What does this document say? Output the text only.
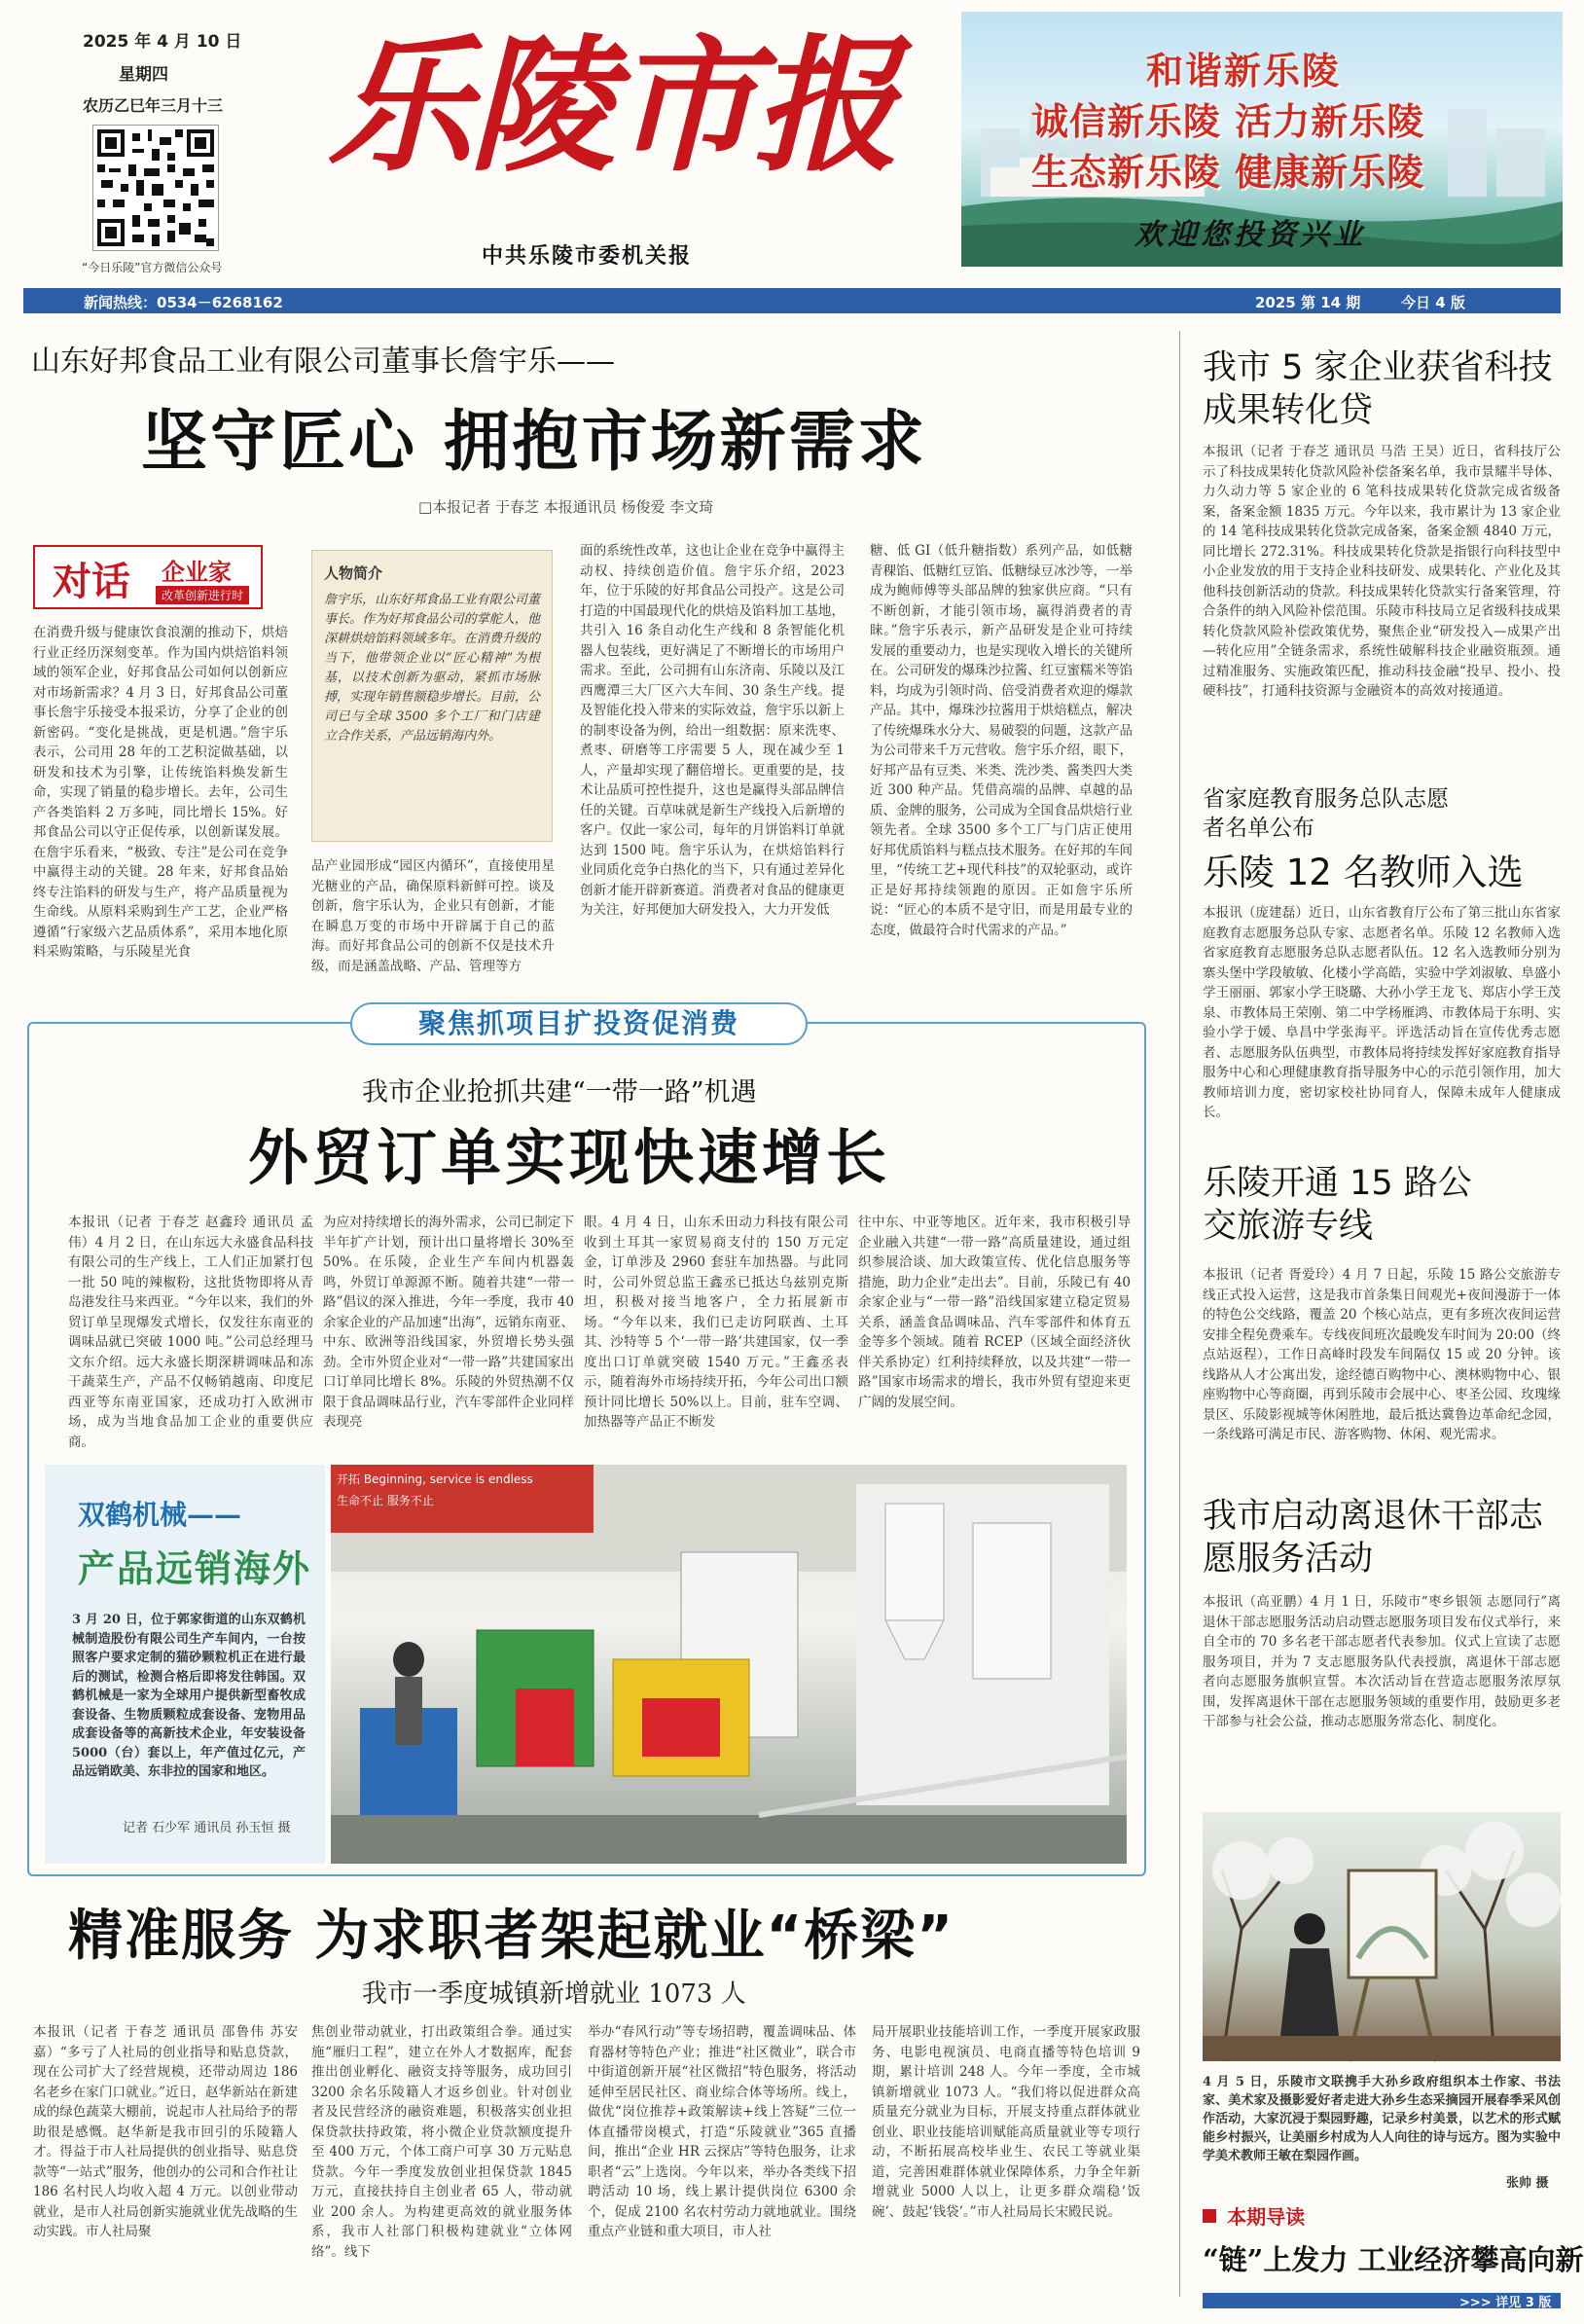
2025 年 4 月 10 日
星期四
农历乙巳年三月十三
“今日乐陵”官方微信公众号
乐陵市报
中共乐陵市委机关报
和谐新乐陵
诚信新乐陵 活力新乐陵
生态新乐陵 健康新乐陵
欢迎您投资兴业
新闻热线：0534－6268162	2025 第 14 期	今日 4 版
山东好邦食品工业有限公司董事长詹宇乐——
坚守匠心 拥抱市场新需求
□本报记者 于春芝 本报通讯员 杨俊爱 李文琦
对话 企业家
改革创新进行时

在消费升级与健康饮食浪潮的推动下，烘焙行业正经历深刻变革。作为国内烘焙馅料领域的领军企业，好邦食品公司如何以创新应对市场新需求？4 月 3 日，好邦食品公司董事长詹宇乐接受本报采访，分享了企业的创新密码。“变化是挑战，更是机遇。”詹宇乐表示，公司用 28 年的工艺积淀做基础，以研发和技术为引擎，让传统馅料焕发新生命，实现了销量的稳步增长。去年，公司生产各类馅料 2 万多吨，同比增长 15%。好邦食品公司以守正促传承，以创新谋发展。在詹宇乐看来，“极致、专注”是公司在竞争中赢得主动的关键。28 年来，好邦食品始终专注馅料的研发与生产，将产品质量视为生命线。从原料采购到生产工艺，企业严格遵循“行家级六艺品质体系”，采用本地化原料采购策略，与乐陵星光食

人物简介
詹宇乐，山东好邦食品工业有限公司董事长。作为好邦食品公司的掌舵人，他深耕烘焙馅料领域多年。在消费升级的当下，他带领企业以“匠心精神”为根基，以技术创新为驱动，紧抓市场脉搏，实现年销售额稳步增长。目前，公司已与全球 3500 多个工厂和门店建立合作关系，产品远销海内外。

品产业园形成“园区内循环”，直接使用星光糖业的产品，确保原料新鲜可控。谈及创新，詹宇乐认为，企业只有创新，才能在瞬息万变的市场中开辟属于自己的蓝海。而好邦食品公司的创新不仅是技术升级，而是涵盖战略、产品、管理等方

面的系统性改革，这也让企业在竞争中赢得主动权、持续创造价值。詹宇乐介绍，2023 年，位于乐陵的好邦食品公司投产。这是公司打造的中国最现代化的烘焙及馅料加工基地，共引入 16 条自动化生产线和 8 条智能化机器人包装线，更好满足了不断增长的市场用户需求。至此，公司拥有山东济南、乐陵以及江西鹰潭三大厂区六大车间、30 条生产线。提及智能化投入带来的实际效益，詹宇乐以新上的制枣设备为例，给出一组数据：原来洗枣、煮枣、研磨等工序需要 5 人，现在减少至 1 人，产量却实现了翻倍增长。更重要的是，技术让品质可控性提升，这也是赢得头部品牌信任的关键。百草味就是新生产线投入后新增的客户。仅此一家公司，每年的月饼馅料订单就达到 1500 吨。詹宇乐认为，在烘焙馅料行业同质化竞争白热化的当下，只有通过差异化创新才能开辟新赛道。消费者对食品的健康更为关注，好邦便加大研发投入，大力开发低

糖、低 GI（低升糖指数）系列产品，如低糖青稞馅、低糖红豆馅、低糖绿豆冰沙等，一举成为鲍师傅等头部品牌的独家供应商。“只有不断创新，才能引领市场，赢得消费者的青睐。”詹宇乐表示，新产品研发是企业可持续发展的重要动力，也是实现收入增长的关键所在。公司研发的爆珠沙拉酱、红豆蜜糯米等馅料，均成为引领时尚、倍受消费者欢迎的爆款产品。其中，爆珠沙拉酱用于烘焙糕点，解决了传统爆珠水分大、易破裂的问题，这款产品为公司带来千万元营收。詹宇乐介绍，眼下，好邦产品有豆类、米类、洗沙类、酱类四大类近 300 种产品。凭借高端的品牌、卓越的品质、金牌的服务，公司成为全国食品烘焙行业领先者。全球 3500 多个工厂与门店正使用好邦优质馅料与糕点技术服务。在好邦的车间里，“传统工艺+现代科技”的双轮驱动，或许正是好邦持续领跑的原因。正如詹宇乐所说：“匠心的本质不是守旧，而是用最专业的态度，做最符合时代需求的产品。”

聚焦抓项目扩投资促消费
我市企业抢抓共建“一带一路”机遇
外贸订单实现快速增长

本报讯（记者 于春芝 赵鑫玲 通讯员 孟伟）4 月 2 日，在山东远大永盛食品科技有限公司的生产线上，工人们正加紧打包一批 50 吨的辣椒粉，这批货物即将从青岛港发往马来西亚。“今年以来，我们的外贸订单呈现爆发式增长，仅发往东南亚的调味品就已突破 1000 吨。”公司总经理马文东介绍。远大永盛长期深耕调味品和冻干蔬菜生产，产品不仅畅销越南、印度尼西亚等东南亚国家，还成功打入欧洲市场，成为当地食品加工企业的重要供应商。

为应对持续增长的海外需求，公司已制定下半年扩产计划，预计出口量将增长 30%至 50%。在乐陵，企业生产车间内机器轰鸣，外贸订单源源不断。随着共建“一带一路”倡议的深入推进，今年一季度，我市 40 余家企业的产品加速“出海”，远销东南亚、中东、欧洲等沿线国家，外贸增长势头强劲。全市外贸企业对“一带一路”共建国家出口订单同比增长 8%。乐陵的外贸热潮不仅限于食品调味品行业，汽车零部件企业同样表现亮

眼。4 月 4 日，山东禾田动力科技有限公司收到土耳其一家贸易商支付的 150 万元定金，订单涉及 2960 套驻车加热器。与此同时，公司外贸总监王鑫丞已抵达乌兹别克斯坦，积极对接当地客户，全力拓展新市场。“今年以来，我们已走访阿联酋、土耳其、沙特等 5 个‘一带一路’共建国家，仅一季度出口订单就突破 1540 万元。”王鑫丞表示，随着海外市场持续开拓，今年公司出口额预计同比增长 50%以上。目前，驻车空调、加热器等产品正不断发

往中东、中亚等地区。近年来，我市积极引导企业融入共建“一带一路”高质量建设，通过组织参展洽谈、加大政策宣传、优化信息服务等措施，助力企业“走出去”。目前，乐陵已有 40 余家企业与“一带一路”沿线国家建立稳定贸易关系，涵盖食品调味品、汽车零部件和体育五金等多个领域。随着 RCEP（区域全面经济伙伴关系协定）红利持续释放，以及共建“一带一路”国家市场需求的增长，我市外贸有望迎来更广阔的发展空间。

双鹤机械——
产品远销海外
3 月 20 日，位于郭家街道的山东双鹤机械制造股份有限公司生产车间内，一台按照客户要求定制的猫砂颗粒机正在进行最后的测试，检测合格后即将发往韩国。双鹤机械是一家为全球用户提供新型畜牧成套设备、生物质颗粒成套设备、宠物用品成套设备等的高新技术企业，年安装设备 5000（台）套以上，年产值过亿元，产品远销欧美、东非拉的国家和地区。
记者 石少军 通讯员 孙玉恒 摄
开拓 Beginning, service is endless
生命不止 服务不止
精准服务 为求职者架起就业“桥梁”
我市一季度城镇新增就业 1073 人

本报讯（记者 于春芝 通讯员 邵鲁伟 苏安嘉）“多亏了人社局的创业指导和贴息贷款，现在公司扩大了经营规模，还带动周边 186 名老乡在家门口就业。”近日，赵华新站在新建成的绿色蔬菜大棚前，说起市人社局给予的帮助很是感慨。赵华新是我市回引的乐陵籍人才。得益于市人社局提供的创业指导、贴息贷款等“一站式”服务，他创办的公司和合作社让 186 名村民人均收入超 4 万元。以创业带动就业，是市人社局创新实施就业优先战略的生动实践。市人社局聚

焦创业带动就业，打出政策组合拳。通过实施“雁归工程”，建立在外人才数据库，配套推出创业孵化、融资支持等服务，成功回引 3200 余名乐陵籍人才返乡创业。针对创业者及民营经济的融资难题，积极落实创业担保贷款扶持政策，将小微企业贷款额度提升至 400 万元，个体工商户可享 30 万元贴息贷款。今年一季度发放创业担保贷款 1845 万元，直接扶持自主创业者 65 人，带动就业 200 余人。为构建更高效的就业服务体系，我市人社部门积极构建就业“立体网络”。线下

举办“春风行动”等专场招聘，覆盖调味品、体育器材等特色产业；推进“社区微业”，联合市中街道创新开展“社区微招”特色服务，将活动延伸至居民社区、商业综合体等场所。线上，做优“岗位推荐+政策解读+线上答疑”三位一体直播带岗模式，打造“乐陵就业”365 直播间，推出“企业 HR 云探店”等特色服务，让求职者“云”上选岗。今年以来，举办各类线下招聘活动 10 场，线上累计提供岗位 6300 余个，促成 2100 名农村劳动力就地就业。围绕重点产业链和重大项目，市人社

局开展职业技能培训工作，一季度开展家政服务、电影电视演员、电商直播等特色培训 9 期，累计培训 248 人。今年一季度，全市城镇新增就业 1073 人。“我们将以促进群众高质量充分就业为目标，开展支持重点群体就业创业、职业技能培训赋能高质量就业等专项行动，不断拓展高校毕业生、农民工等就业渠道，完善困难群体就业保障体系，力争全年新增就业 5000 人以上，让更多群众端稳‘饭碗’、鼓起‘钱袋’。”市人社局局长宋殿民说。

我市 5 家企业获省科技成果转化贷

本报讯（记者 于春芝 通讯员 马浩 王昊）近日，省科技厅公示了科技成果转化贷款风险补偿备案名单，我市景耀半导体、力久动力等 5 家企业的 6 笔科技成果转化贷款完成省级备案，备案金额 1835 万元。今年以来，我市累计为 13 家企业的 14 笔科技成果转化贷款完成备案，备案金额 4840 万元，同比增长 272.31%。科技成果转化贷款是指银行向科技型中小企业发放的用于支持企业科技研发、成果转化、产业化及其他科技创新活动的贷款。科技成果转化贷款实行备案管理，符合条件的纳入风险补偿范围。乐陵市科技局立足省级科技成果转化贷款风险补偿政策优势，聚焦企业“研发投入—成果产出—转化应用”全链条需求，系统性破解科技企业融资瓶颈。通过精准服务、实施政策匹配，推动科技金融“投早、投小、投硬科技”，打通科技资源与金融资本的高效对接通道。

省家庭教育服务总队志愿者名单公布
乐陵 12 名教师入选

本报讯（庞建磊）近日，山东省教育厅公布了第三批山东省家庭教育志愿服务总队专家、志愿者名单。乐陵 12 名教师入选省家庭教育志愿服务总队志愿者队伍。12 名入选教师分别为寨头堡中学段敏敏、化楼小学高皓，实验中学刘淑敏、阜盛小学王丽丽、郭家小学王晓璐、大孙小学王龙飞、郑店小学王茂泉、市教体局王荣刚、第二中学杨雁鸿、市教体局于东明、实验小学于媛、阜昌中学张海平。评选活动旨在宣传优秀志愿者、志愿服务队伍典型，市教体局将持续发挥好家庭教育指导服务中心和心理健康教育指导服务中心的示范引领作用，加大教师培训力度，密切家校社协同育人，保障未成年人健康成长。

乐陵开通 15 路公交旅游专线

本报讯（记者 胥爱玲）4 月 7 日起，乐陵 15 路公交旅游专线正式投入运营，这是我市首条集日间观光+夜间漫游于一体的特色公交线路，覆盖 20 个核心站点，更有多班次夜间运营安排全程免费乘车。专线夜间班次最晚发车时间为 20:00（终点站返程），工作日高峰时段发车间隔仅 15 或 20 分钟。该线路从人才公寓出发，途经德百购物中心、澳林购物中心、银座购物中心等商圈，再到乐陵市会展中心、枣圣公园、玫瑰缘景区、乐陵影视城等休闲胜地，最后抵达冀鲁边革命纪念园，一条线路可满足市民、游客购物、休闲、观光需求。

我市启动离退休干部志愿服务活动

本报讯（高亚鹏）4 月 1 日，乐陵市“枣乡银领 志愿同行”离退休干部志愿服务活动启动暨志愿服务项目发布仪式举行，来自全市的 70 多名老干部志愿者代表参加。仪式上宣读了志愿服务项目，并为 7 支志愿服务队代表授旗，离退休干部志愿者向志愿服务旗帜宣誓。本次活动旨在营造志愿服务浓厚氛围，发挥离退休干部在志愿服务领域的重要作用，鼓励更多老干部参与社会公益，推动志愿服务常态化、制度化。

4 月 5 日，乐陵市文联携手大孙乡政府组织本土作家、书法家、美术家及摄影爱好者走进大孙乡生态采摘园开展春季采风创作活动，大家沉浸于梨园野趣，记录乡村美景，以艺术的形式赋能乡村振兴，让美丽乡村成为人人向往的诗与远方。图为实验中学美术教师王敏在梨园作画。
张帅 摄
本期导读
“链”上发力 工业经济攀高向新
>>> 详见 3 版
